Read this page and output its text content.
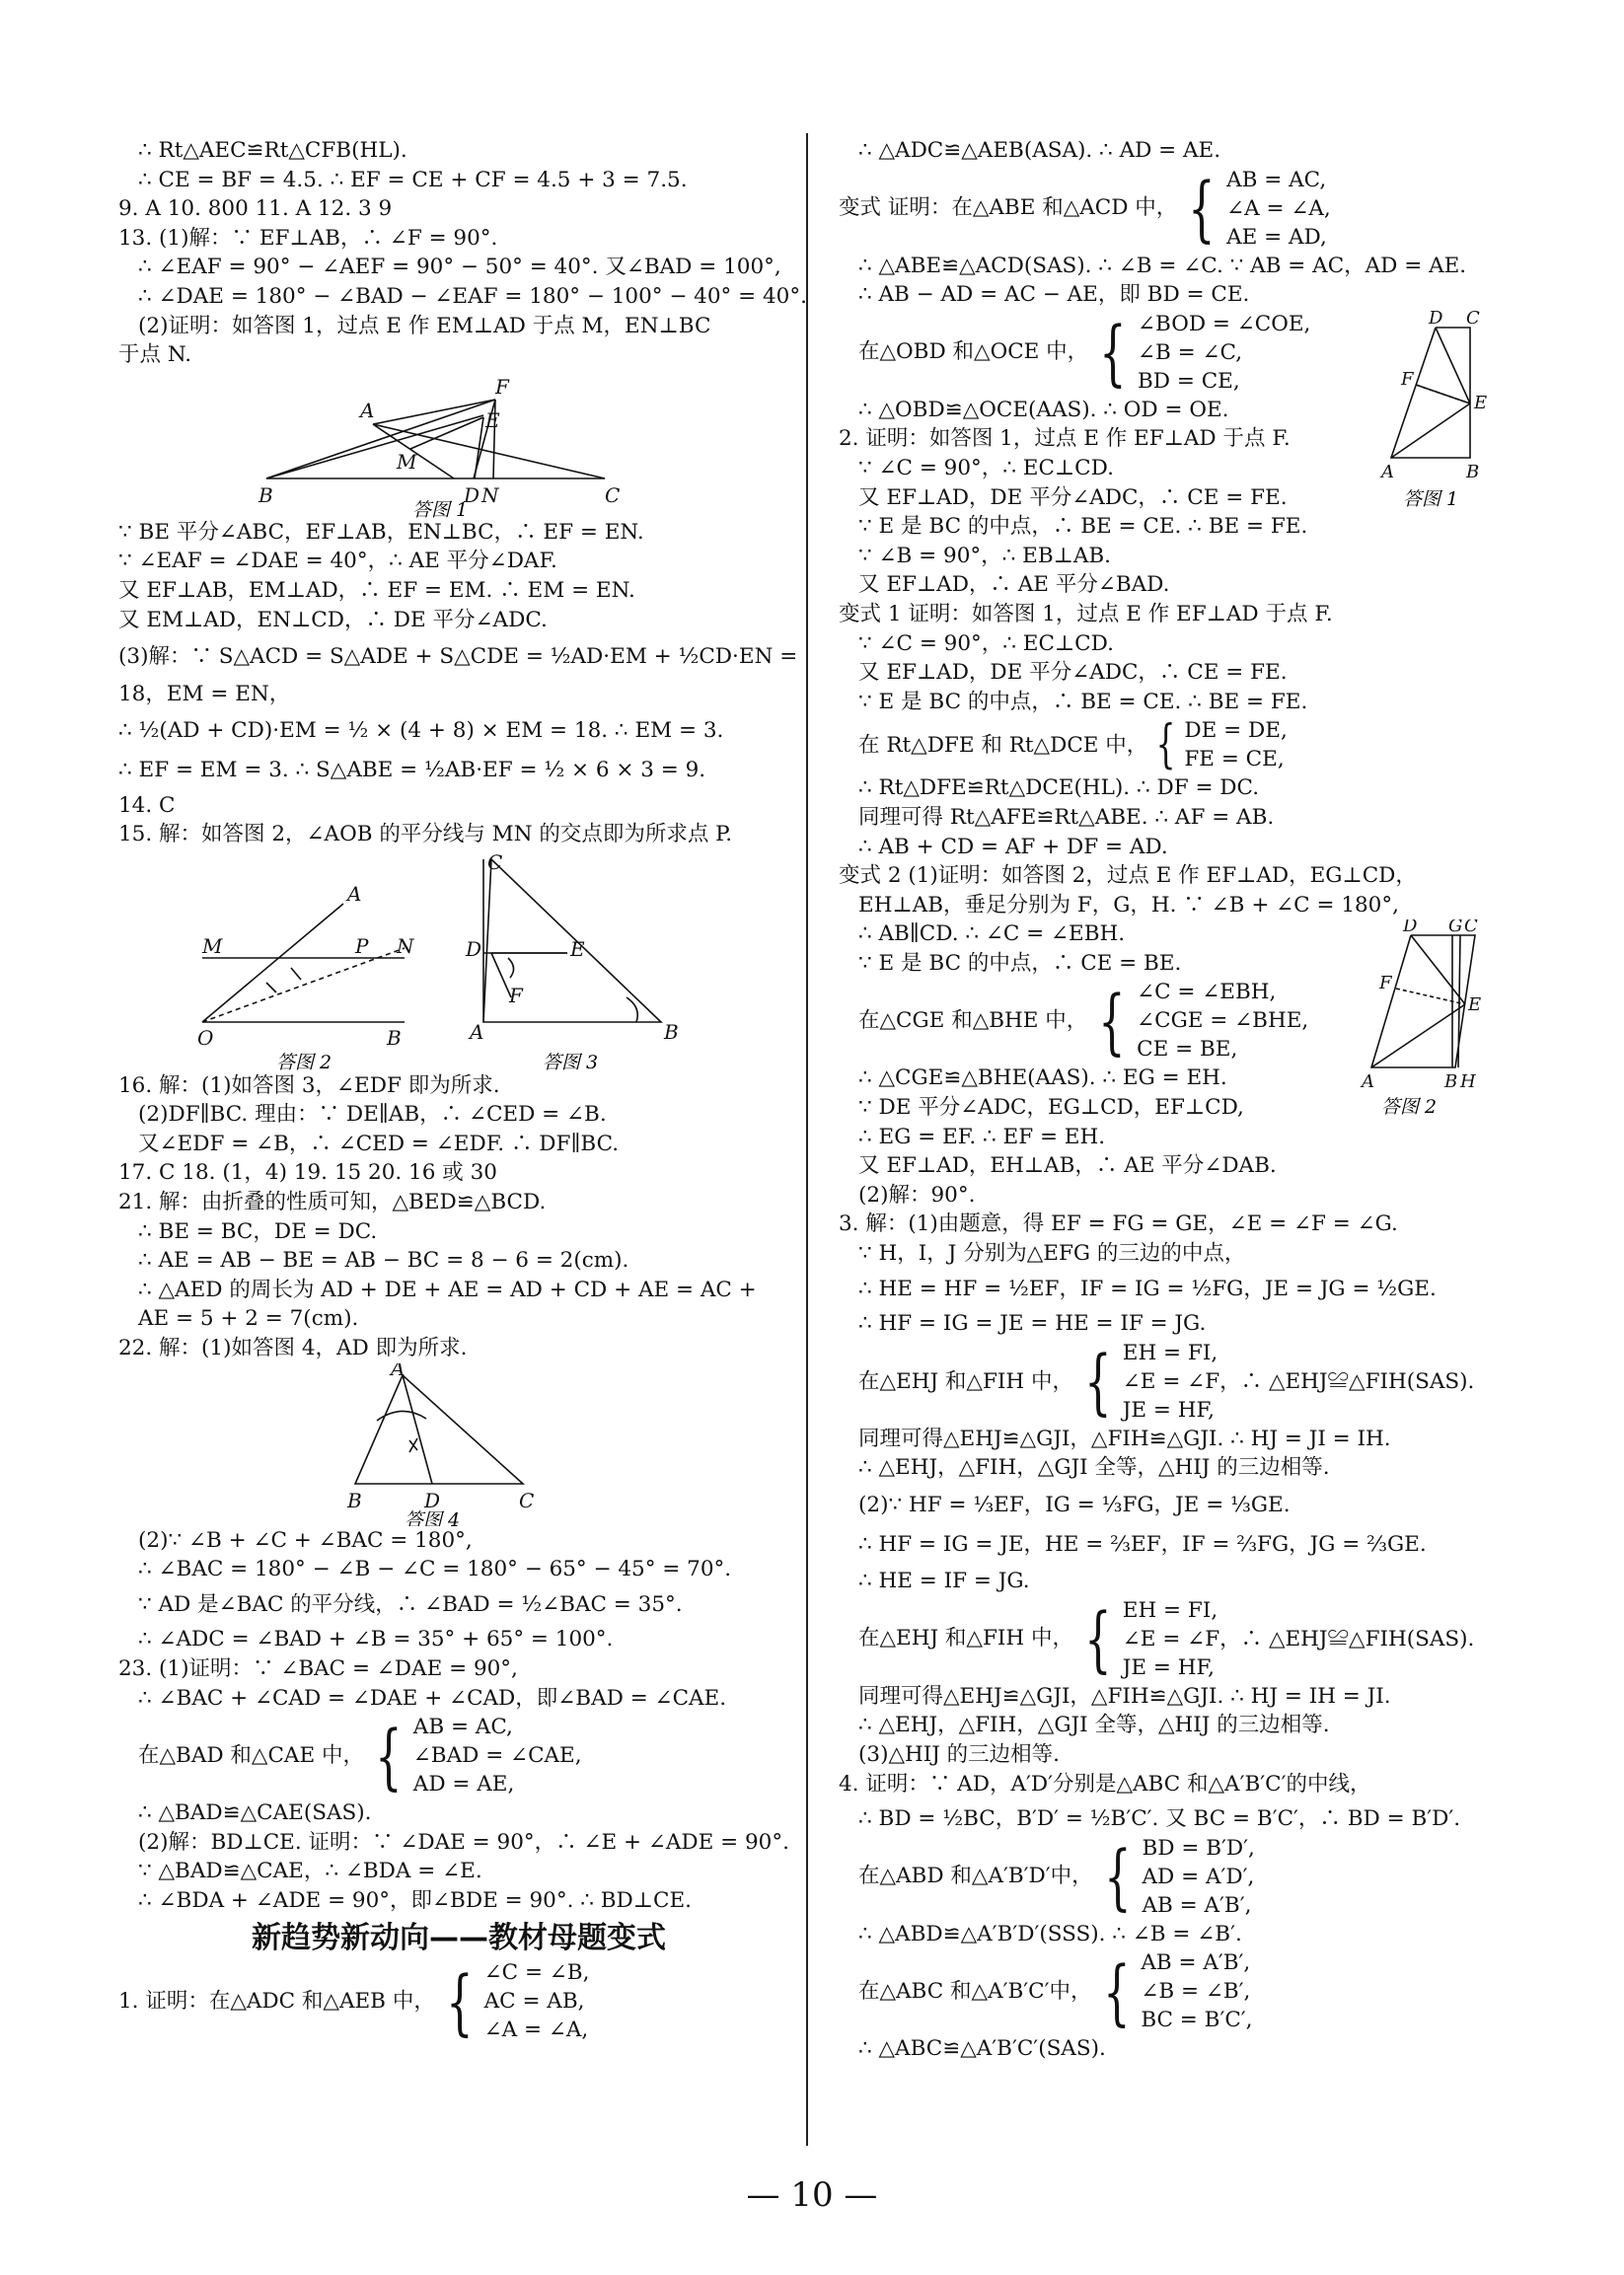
∴ Rt△AEC≌Rt△CFB(HL).
∴ CE = BF = 4.5. ∴ EF = CE + CF = 4.5 + 3 = 7.5.
9. A 10. 800 11. A 12. 3 9
13. (1)解：∵ EF⊥AB，∴ ∠F = 90°.
∴ ∠EAF = 90° − ∠AEF = 90° − 50° = 40°. 又∠BAD = 100°,
∴ ∠DAE = 180° − ∠BAD − ∠EAF = 180° − 100° − 40° = 40°.
(2)证明：如答图 1，过点 E 作 EM⊥AD 于点 M，EN⊥BC
于点 N.
A
F
E
M
B	D N	C
答图 1
∵ BE 平分∠ABC，EF⊥AB，EN⊥BC，∴ EF = EN.
∵ ∠EAF = ∠DAE = 40°，∴ AE 平分∠DAF.
又 EF⊥AB，EM⊥AD，∴ EF = EM. ∴ EM = EN.
又 EM⊥AD，EN⊥CD，∴ DE 平分∠ADC.
(3)解：∵ S△ACD = S△ADE + S△CDE = ½AD·EM + ½CD·EN =
18，EM = EN，
∴ ½(AD + CD)·EM = ½ × (4 + 8) × EM = 18. ∴ EM = 3.
∴ EF = EM = 3. ∴ S△ABE = ½AB·EF = ½ × 6 × 3 = 9.
14. C
15. 解：如答图 2，∠AOB 的平分线与 MN 的交点即为所求点 P.
A
M	P N
O	B
C
D	E
F
A	B
答图 2	答图 3
16. 解：(1)如答图 3，∠EDF 即为所求.
(2)DF∥BC. 理由：∵ DE∥AB，∴ ∠CED = ∠B.
又∠EDF = ∠B，∴ ∠CED = ∠EDF. ∴ DF∥BC.
17. C 18. (1，4) 19. 15 20. 16 或 30
21. 解：由折叠的性质可知，△BED≌△BCD.
∴ BE = BC，DE = DC.
∴ AE = AB − BE = AB − BC = 8 − 6 = 2(cm).
∴ △AED 的周长为 AD + DE + AE = AD + CD + AE = AC +
AE = 5 + 2 = 7(cm).
22. 解：(1)如答图 4，AD 即为所求.
A
B	D	C
答图 4
(2)∵ ∠B + ∠C + ∠BAC = 180°,
∴ ∠BAC = 180° − ∠B − ∠C = 180° − 65° − 45° = 70°.
∵ AD 是∠BAC 的平分线，∴ ∠BAD = ½∠BAC = 35°.
∴ ∠ADC = ∠BAD + ∠B = 35° + 65° = 100°.
23. (1)证明：∵ ∠BAC = ∠DAE = 90°,
∴ ∠BAC + ∠CAD = ∠DAE + ∠CAD，即∠BAD = ∠CAE.
在△BAD 和△CAE 中， { AB = AC,
∠BAD = ∠CAE,
AD = AE,
∴ △BAD≌△CAE(SAS).
(2)解：BD⊥CE. 证明：∵ ∠DAE = 90°，∴ ∠E + ∠ADE = 90°.
∵ △BAD≌△CAE，∴ ∠BDA = ∠E.
∴ ∠BDA + ∠ADE = 90°，即∠BDE = 90°. ∴ BD⊥CE.
新趋势新动向——教材母题变式
1. 证明：在△ADC 和△AEB 中， { ∠C = ∠B,
AC = AB,
∠A = ∠A,
∴ △ADC≌△AEB(ASA). ∴ AD = AE.
变式 证明：在△ABE 和△ACD 中， { AB = AC,
∠A = ∠A,
AE = AD,
∴ △ABE≌△ACD(SAS). ∴ ∠B = ∠C. ∵ AB = AC，AD = AE.
∴ AB − AD = AC − AE，即 BD = CE.
D C
F
E
A	B
答图 1
在△OBD 和△OCE 中， { ∠BOD = ∠COE,
∠B = ∠C,
BD = CE,
∴ △OBD≌△OCE(AAS). ∴ OD = OE.
2. 证明：如答图 1，过点 E 作 EF⊥AD 于点 F.
∵ ∠C = 90°，∴ EC⊥CD.
又 EF⊥AD，DE 平分∠ADC，∴ CE = FE.
∵ E 是 BC 的中点，∴ BE = CE. ∴ BE = FE.
∵ ∠B = 90°，∴ EB⊥AB.
又 EF⊥AD，∴ AE 平分∠BAD.
变式 1 证明：如答图 1，过点 E 作 EF⊥AD 于点 F.
∵ ∠C = 90°，∴ EC⊥CD.
又 EF⊥AD，DE 平分∠ADC，∴ CE = FE.
∵ E 是 BC 的中点，∴ BE = CE. ∴ BE = FE.
在 Rt△DFE 和 Rt△DCE 中， { DE = DE,
FE = CE,
∴ Rt△DFE≌Rt△DCE(HL). ∴ DF = DC.
同理可得 Rt△AFE≌Rt△ABE. ∴ AF = AB.
∴ AB + CD = AF + DF = AD.
变式 2 (1)证明：如答图 2，过点 E 作 EF⊥AD，EG⊥CD，
EH⊥AB，垂足分别为 F，G，H. ∵ ∠B + ∠C = 180°,
D G C
F
E
A	B H
答图 2
∴ AB∥CD. ∴ ∠C = ∠EBH.
∵ E 是 BC 的中点，∴ CE = BE.
在△CGE 和△BHE 中， { ∠C = ∠EBH,
∠CGE = ∠BHE,
CE = BE,
∴ △CGE≌△BHE(AAS). ∴ EG = EH.
∵ DE 平分∠ADC，EG⊥CD，EF⊥CD,
∴ EG = EF. ∴ EF = EH.
又 EF⊥AD，EH⊥AB，∴ AE 平分∠DAB.
(2)解：90°.
3. 解：(1)由题意，得 EF = FG = GE，∠E = ∠F = ∠G.
∵ H，I，J 分别为△EFG 的三边的中点，
∴ HE = HF = ½EF，IF = IG = ½FG，JE = JG = ½GE.
∴ HF = IG = JE = HE = IF = JG.
在△EHJ 和△FIH 中， { EH = FI,
∠E = ∠F，∴ △EHJ≌△FIH(SAS).
JE = HF,
同理可得△EHJ≌△GJI，△FIH≌△GJI. ∴ HJ = JI = IH.
∴ △EHJ，△FIH，△GJI 全等，△HIJ 的三边相等.
(2)∵ HF = ⅓EF，IG = ⅓FG，JE = ⅓GE.
∴ HF = IG = JE，HE = ⅔EF，IF = ⅔FG，JG = ⅔GE.
∴ HE = IF = JG.
在△EHJ 和△FIH 中， { EH = FI,
∠E = ∠F，∴ △EHJ≌△FIH(SAS).
JE = HF,
同理可得△EHJ≌△GJI，△FIH≌△GJI. ∴ HJ = IH = JI.
∴ △EHJ，△FIH，△GJI 全等，△HIJ 的三边相等.
(3)△HIJ 的三边相等.
4. 证明：∵ AD，A′D′分别是△ABC 和△A′B′C′的中线，
∴ BD = ½BC，B′D′ = ½B′C′. 又 BC = B′C′，∴ BD = B′D′.
在△ABD 和△A′B′D′中， { BD = B′D′,
AD = A′D′,
AB = A′B′,
∴ △ABD≌△A′B′D′(SSS). ∴ ∠B = ∠B′.
在△ABC 和△A′B′C′中， { AB = A′B′,
∠B = ∠B′,
BC = B′C′,
∴ △ABC≌△A′B′C′(SAS).
— 10 —
